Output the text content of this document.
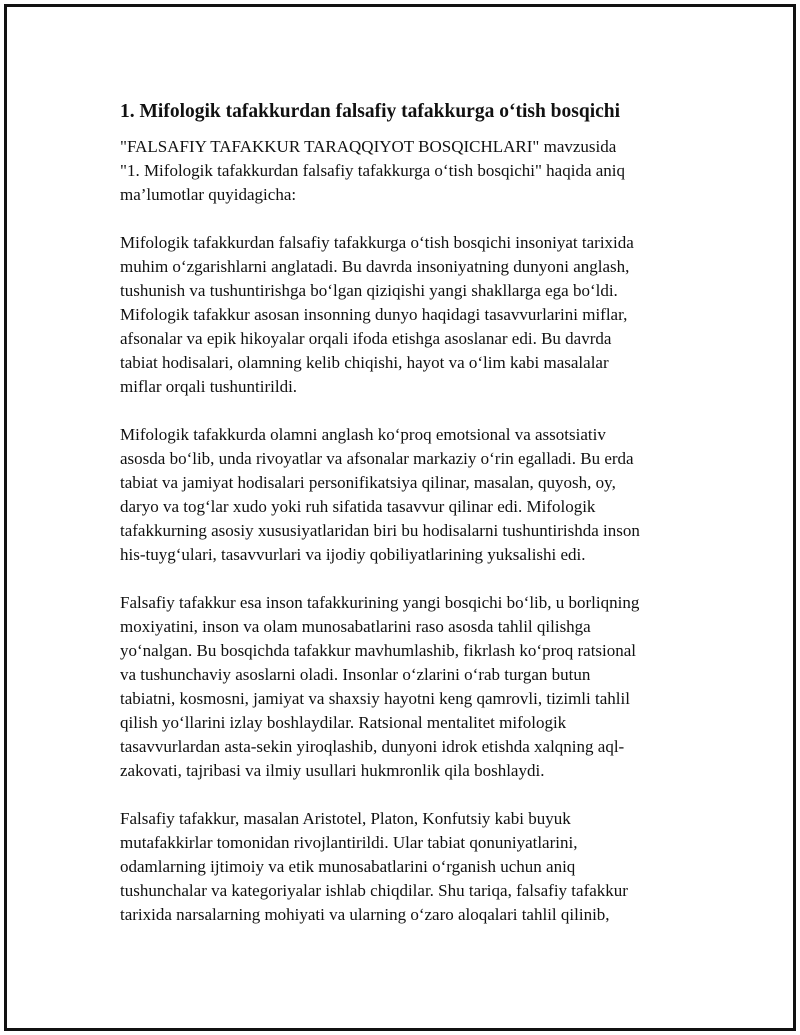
1. Mifologik tafakkurdan falsafiy tafakkurga o‘tish bosqichi
"FALSAFIY TAFAKKUR TARAQQIYOT BOSQICHLARI" mavzusida
"1. Mifologik tafakkurdan falsafiy tafakkurga o‘tish bosqichi" haqida aniq
ma’lumotlar quyidagicha:
Mifologik tafakkurdan falsafiy tafakkurga o‘tish bosqichi insoniyat tarixida
muhim o‘zgarishlarni anglatadi. Bu davrda insoniyatning dunyoni anglash,
tushunish va tushuntirishga bo‘lgan qiziqishi yangi shakllarga ega bo‘ldi.
Mifologik tafakkur asosan insonning dunyo haqidagi tasavvurlarini miflar,
afsonalar va epik hikoyalar orqali ifoda etishga asoslanar edi. Bu davrda
tabiat hodisalari, olamning kelib chiqishi, hayot va o‘lim kabi masalalar
miflar orqali tushuntirildi.
Mifologik tafakkurda olamni anglash ko‘proq emotsional va assotsiativ
asosda bo‘lib, unda rivoyatlar va afsonalar markaziy o‘rin egalladi. Bu erda
tabiat va jamiyat hodisalari personifikatsiya qilinar, masalan, quyosh, oy,
daryo va tog‘lar xudo yoki ruh sifatida tasavvur qilinar edi. Mifologik
tafakkurning asosiy xususiyatlaridan biri bu hodisalarni tushuntirishda inson
his-tuyg‘ulari, tasavvurlari va ijodiy qobiliyatlarining yuksalishi edi.
Falsafiy tafakkur esa inson tafakkurining yangi bosqichi bo‘lib, u borliqning
moxiyatini, inson va olam munosabatlarini raso asosda tahlil qilishga
yo‘nalgan. Bu bosqichda tafakkur mavhumlashib, fikrlash ko‘proq ratsional
va tushunchaviy asoslarni oladi. Insonlar o‘zlarini o‘rab turgan butun
tabiatni, kosmosni, jamiyat va shaxsiy hayotni keng qamrovli, tizimli tahlil
qilish yo‘llarini izlay boshlaydilar. Ratsional mentalitet mifologik
tasavvurlardan asta-sekin yiroqlashib, dunyoni idrok etishda xalqning aql-
zakovati, tajribasi va ilmiy usullari hukmronlik qila boshlaydi.
Falsafiy tafakkur, masalan Aristotel, Platon, Konfutsiy kabi buyuk
mutafakkirlar tomonidan rivojlantirildi. Ular tabiat qonuniyatlarini,
odamlarning ijtimoiy va etik munosabatlarini o‘rganish uchun aniq
tushunchalar va kategoriyalar ishlab chiqdilar. Shu tariqa, falsafiy tafakkur
tarixida narsalarning mohiyati va ularning o‘zaro aloqalari tahlil qilinib,
